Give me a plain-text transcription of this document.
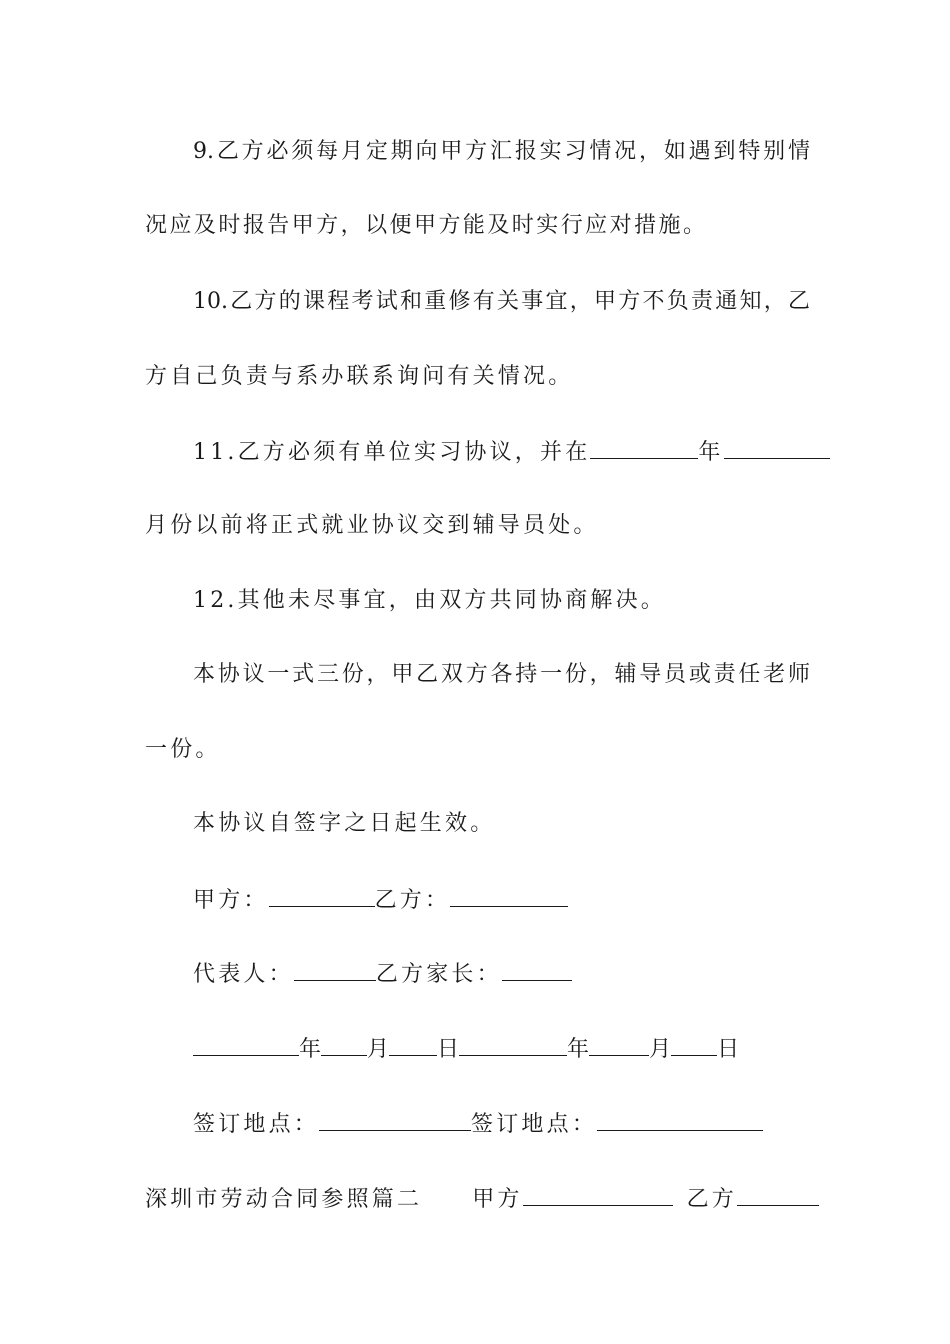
9.乙方必须每月定期向甲方汇报实习情况，如遇到特别情
况应及时报告甲方，以便甲方能及时实行应对措施。
10.乙方的课程考试和重修有关事宜，甲方不负责通知，乙
方自己负责与系办联系询问有关情况。
11.乙方必须有单位实习协议，并在	年
月份以前将正式就业协议交到辅导员处。
12.其他未尽事宜，由双方共同协商解决。
本协议一式三份，甲乙双方各持一份，辅导员或责任老师
一份。
本协议自签字之日起生效。
甲方：	乙方：
代表人：	乙方家长：
年 月 日	年	月 日
签订地点：	签订地点：
深圳市劳动合同参照篇二 甲方	乙方
